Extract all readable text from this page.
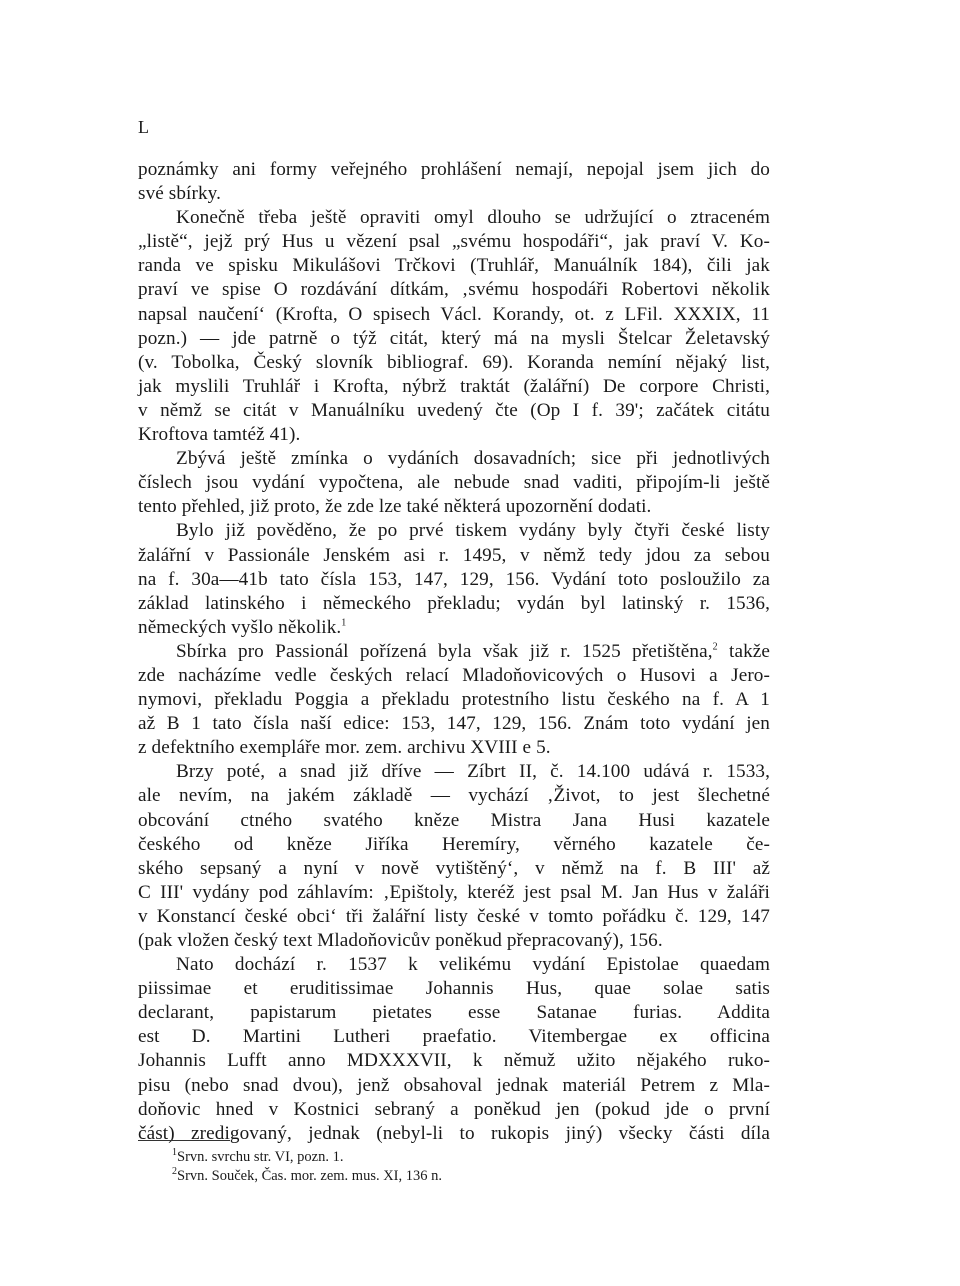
L
poznámky ani formy veřejného prohlášení nemají, nepojal jsem jich do
své sbírky.
Konečně třeba ještě opraviti omyl dlouho se udržující o ztraceném
„listě“, jejž prý Hus u vězení psal „svému hospodáři“, jak praví V. Ko-
randa ve spisku Mikulášovi Trčkovi (Truhlář, Manuálník 184), čili jak
praví ve spise O rozdávání dítkám, ‚svému hospodáři Robertovi několik
napsal naučení‘ (Krofta, O spisech Václ. Korandy, ot. z LFil. XXXIX, 11
pozn.) — jde patrně o týž citát, který má na mysli Štelcar Želetavský
(v. Tobolka, Český slovník bibliograf. 69). Koranda nemíní nějaký list,
jak myslili Truhlář i Krofta, nýbrž traktát (žalářní) De corpore Christi,
v němž se citát v Manuálníku uvedený čte (Op I f. 39'; začátek citátu
Kroftova tamtéž 41).
Zbývá ještě zmínka o vydáních dosavadních; sice při jednotlivých
číslech jsou vydání vypočtena, ale nebude snad vaditi, připojím-li ještě
tento přehled, již proto, že zde lze také některá upozornění dodati.
Bylo již pověděno, že po prvé tiskem vydány byly čtyři české listy
žalářní v Passionále Jenském asi r. 1495, v němž tedy jdou za sebou
na f. 30a—41b tato čísla 153, 147, 129, 156. Vydání toto posloužilo za
základ latinského i německého překladu; vydán byl latinský r. 1536,
německých vyšlo několik.$^1$
Sbírka pro Passionál pořízená byla však již r. 1525 přetištěna,$^2$ takže
zde nacházíme vedle českých relací Mladoňovicových o Husovi a Jero-
nymovi, překladu Poggia a překladu protestního listu českého na f. A 1
až B 1 tato čísla naší edice: 153, 147, 129, 156. Znám toto vydání jen
z defektního exempláře mor. zem. archivu XVIII e 5.
Brzy poté, a snad již dříve — Zíbrt II, č. 14.100 udává r. 1533,
ale nevím, na jakém základě — vychází ‚Život, to jest šlechetné
obcování ctného svatého kněze Mistra Jana Husi kazatele
českého od kněze Jiříka Heremíry, věrného kazatele če-
ského sepsaný a nyní v nově vytištěný‘, v němž na f. B III' až
C III' vydány pod záhlavím: ‚Epištoly, kteréž jest psal M. Jan Hus v žaláři
v Konstancí české obci‘ tři žalářní listy české v tomto pořádku č. 129, 147
(pak vložen český text Mladoňovicův poněkud přepracovaný), 156.
Nato dochází r. 1537 k velikému vydání Epistolae quaedam
piissimae et eruditissimae Johannis Hus, quae solae satis
declarant, papistarum pietates esse Satanae furias. Addita
est D. Martini Lutheri praefatio. Vitembergae ex officina
Johannis Lufft anno MDXXXVII, k němuž užito nějakého ruko-
pisu (nebo snad dvou), jenž obsahoval jednak materiál Petrem z Mla-
doňovic hned v Kostnici sebraný a poněkud jen (pokud jde o první
část) zredigovaný, jednak (nebyl-li to rukopis jiný) všecky části díla
$^1$Srvn. svrchu str. VI, pozn. 1.
$^2$Srvn. Souček, Čas. mor. zem. mus. XI, 136 n.
